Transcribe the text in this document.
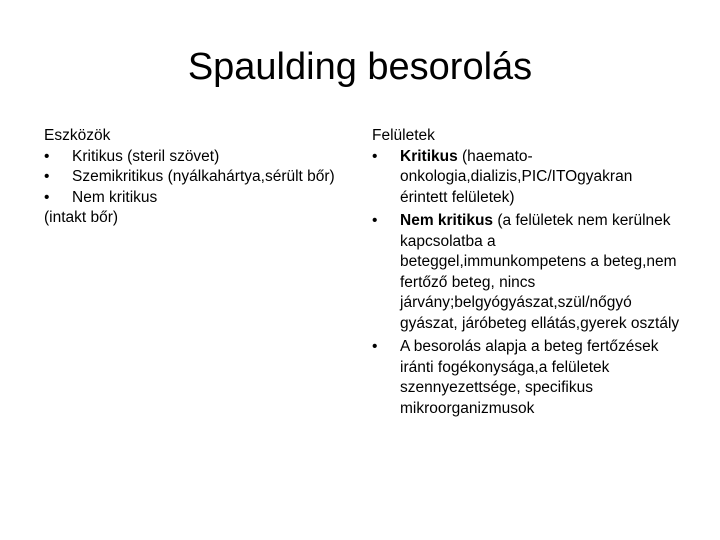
Spaulding besorolás
Eszközök
•	Kritikus (steril szövet)
•	Szemikritikus (nyálkahártya,sérült bőr)
•	Nem kritikus
(intakt bőr)
Felületek
•	Kritikus (haemato-onkologia,dializis,PIC/ITOgyakran érintett felületek)
•	Nem kritikus (a felületek nem kerülnek kapcsolatba a beteggel,immunkompetens a beteg,nem fertőző beteg, nincs járvány;belgyógyászat,szül/nőgyó gyászat, járóbeteg ellátás,gyerek osztály
•	A besorolás alapja a beteg fertőzések iránti fogékonysága,a felületek szennyezettsége, specifikus mikroorganizmusok
